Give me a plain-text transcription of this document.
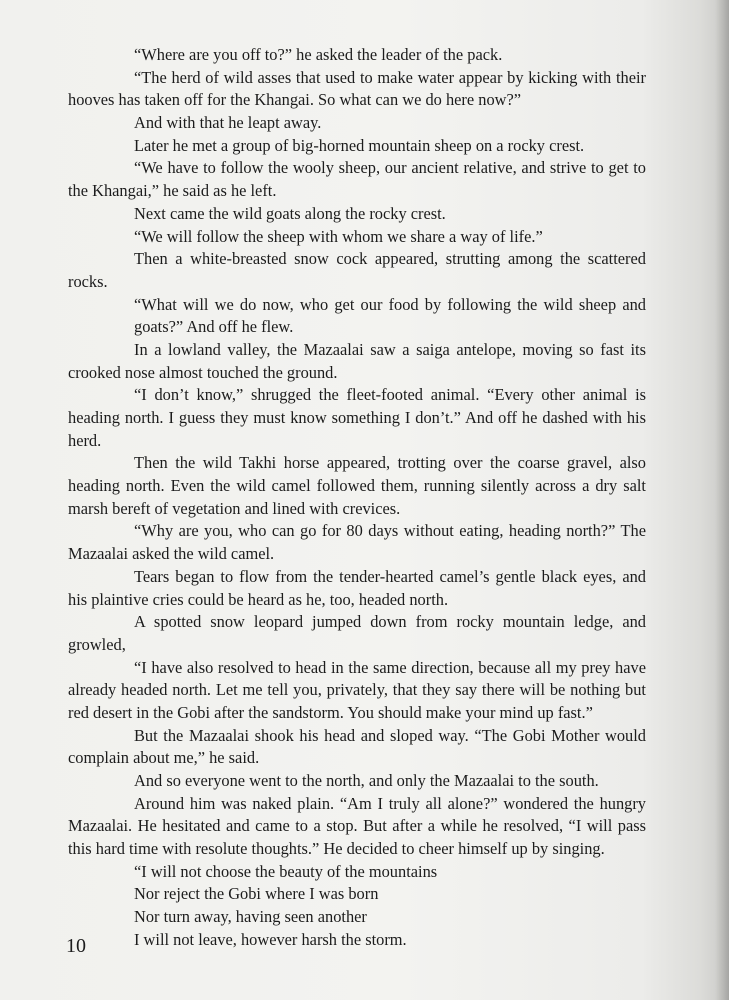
“Where are you off to?” he asked the leader of the pack.
“The herd of wild asses that used to make water appear by kicking with their
hooves has taken off for the Khangai. So what can we do here now?”
And with that he leapt away.
Later he met a group of big-horned mountain sheep on a rocky crest.
“We have to follow the wooly sheep, our ancient relative, and strive to get to
the Khangai,” he said as he left.
Next came the wild goats along the rocky crest.
“We will follow the sheep with whom we share a way of life.”
Then a white-breasted snow cock appeared, strutting among the scattered
rocks.
“What will we do now, who get our food by following the wild sheep and
goats?” And off he flew.
In a lowland valley, the Mazaalai saw a saiga antelope, moving so fast its
crooked nose almost touched the ground.
“I don’t know,” shrugged the fleet-footed animal. “Every other animal is
heading north. I guess they must know something I don’t.” And off he dashed with his
herd.
Then the wild Takhi horse appeared, trotting over the coarse gravel, also
heading north. Even the wild camel followed them, running silently across a dry salt
marsh bereft of vegetation and lined with crevices.
“Why are you, who can go for 80 days without eating, heading north?” The
Mazaalai asked the wild camel.
Tears began to flow from the tender-hearted camel’s gentle black eyes, and
his plaintive cries could be heard as he, too, headed north.
A spotted snow leopard jumped down from rocky mountain ledge, and
growled,
“I have also resolved to head in the same direction, because all my prey have
already headed north. Let me tell you, privately, that they say there will be nothing but
red desert in the Gobi after the sandstorm. You should make your mind up fast.”
But the Mazaalai shook his head and sloped way. “The Gobi Mother would
complain about me,” he said.
And so everyone went to the north, and only the Mazaalai to the south.
Around him was naked plain. “Am I truly all alone?” wondered the hungry
Mazaalai. He hesitated and came to a stop. But after a while he resolved, “I will pass
this hard time with resolute thoughts.” He decided to cheer himself up by singing.
“I will not choose the beauty of the mountains
Nor reject the Gobi where I was born
Nor turn away, having seen another
I will not leave, however harsh the storm.
10
